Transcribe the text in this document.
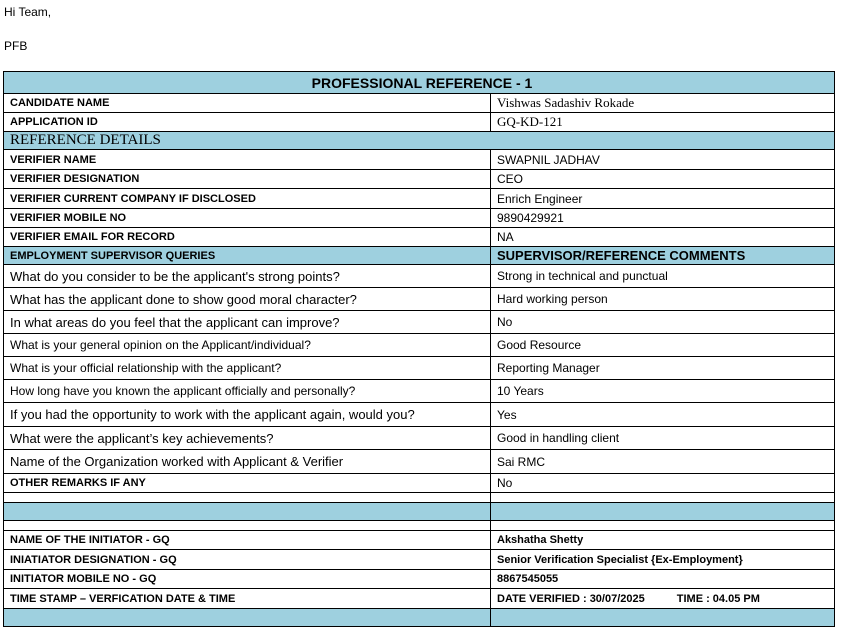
Hi Team,
PFB
PROFESSIONAL REFERENCE - 1	
CANDIDATE NAME	Vishwas Sadashiv Rokade
APPLICATION ID	GQ-KD-121
REFERENCE DETAILS	
VERIFIER NAME	SWAPNIL JADHAV
VERIFIER DESIGNATION	CEO
VERIFIER CURRENT COMPANY IF DISCLOSED	Enrich Engineer
VERIFIER MOBILE NO	9890429921
VERIFIER EMAIL FOR RECORD	NA
EMPLOYMENT SUPERVISOR QUERIES	SUPERVISOR/REFERENCE COMMENTS
What do you consider to be the applicant's strong points?	Strong in technical and punctual
What has the applicant done to show good moral character?	Hard working person
In what areas do you feel that the applicant can improve?	No
What is your general opinion on the Applicant/individual?	Good Resource
What is your official relationship with the applicant?	Reporting Manager
How long have you known the applicant officially and personally?	10 Years
If you had the opportunity to work with the applicant again, would you?	Yes
What were the applicant’s key achievements?	Good in handling client
Name of the Organization worked with Applicant & Verifier	Sai RMC
OTHER REMARKS IF ANY	No

NAME OF THE INITIATOR - GQ	Akshatha Shetty
INIATIATOR DESIGNATION - GQ	Senior Verification Specialist {Ex-Employment}
INITIATOR MOBILE NO - GQ	8867545055
TIME STAMP – VERFICATION DATE & TIME	DATE VERIFIED : 30/07/2025 TIME : 04.05 PM
